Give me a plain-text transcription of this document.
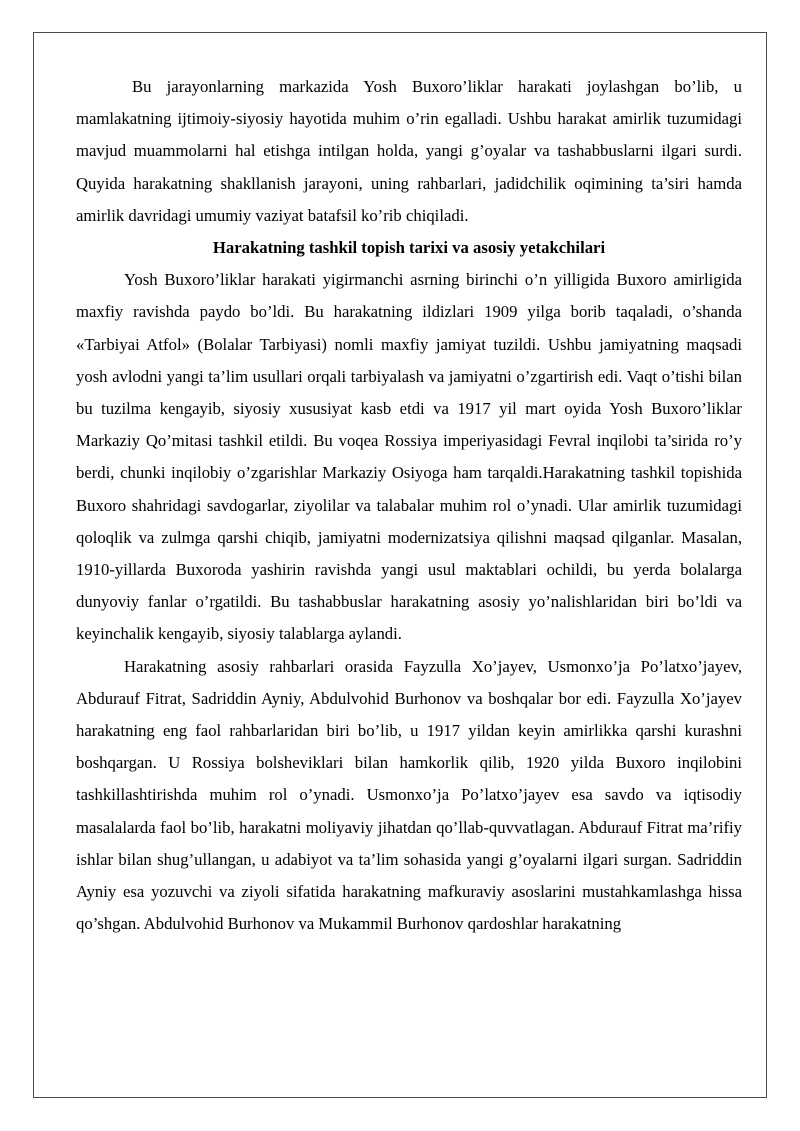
Bu jarayonlarning markazida Yosh Buxoro’liklar harakati joylashgan bo’lib, u mamlakatning ijtimoiy-siyosiy hayotida muhim o’rin egalladi. Ushbu harakat amirlik tuzumidagi mavjud muammolarni hal etishga intilgan holda, yangi g’oyalar va tashabbuslarni ilgari surdi. Quyida harakatning shakllanish jarayoni, uning rahbarlari, jadidchilik oqimining ta’siri hamda amirlik davridagi umumiy vaziyat batafsil ko’rib chiqiladi.

Harakatning tashkil topish tarixi va asosiy yetakchilari

Yosh Buxoro’liklar harakati yigirmanchi asrning birinchi o’n yilligida Buxoro amirligida maxfiy ravishda paydo bo’ldi. Bu harakatning ildizlari 1909 yilga borib taqaladi, o’shanda «Tarbiyai Atfol» (Bolalar Tarbiyasi) nomli maxfiy jamiyat tuzildi. Ushbu jamiyatning maqsadi yosh avlodni yangi ta’lim usullari orqali tarbiyalash va jamiyatni o’zgartirish edi. Vaqt o’tishi bilan bu tuzilma kengayib, siyosiy xususiyat kasb etdi va 1917 yil mart oyida Yosh Buxoro’liklar Markaziy Qo’mitasi tashkil etildi. Bu voqea Rossiya imperiyasidagi Fevral inqilobi ta’sirida ro’y berdi, chunki inqilobiy o’zgarishlar Markaziy Osiyoga ham tarqaldi.Harakatning tashkil topishida Buxoro shahridagi savdogarlar, ziyolilar va talabalar muhim rol o’ynadi. Ular amirlik tuzumidagi qoloqlik va zulmga qarshi chiqib, jamiyatni modernizatsiya qilishni maqsad qilganlar. Masalan, 1910-yillarda Buxoroda yashirin ravishda yangi usul maktablari ochildi, bu yerda bolalarga dunyoviy fanlar o’rgatildi. Bu tashabbuslar harakatning asosiy yo’nalishlaridan biri bo’ldi va keyinchalik kengayib, siyosiy talablarga aylandi.

Harakatning asosiy rahbarlari orasida Fayzulla Xo’jayev, Usmonxo’ja Po’latxo’jayev, Abdurauf Fitrat, Sadriddin Ayniy, Abdulvohid Burhonov va boshqalar bor edi. Fayzulla Xo’jayev harakatning eng faol rahbarlaridan biri bo’lib, u 1917 yildan keyin amirlikka qarshi kurashni boshqargan. U Rossiya bolsheviklari bilan hamkorlik qilib, 1920 yilda Buxoro inqilobini tashkillashtirishda muhim rol o’ynadi. Usmonxo’ja Po’latxo’jayev esa savdo va iqtisodiy masalalarda faol bo’lib, harakatni moliyaviy jihatdan qo’llab-quvvatlagan. Abdurauf Fitrat ma’rifiy ishlar bilan shug’ullangan, u adabiyot va ta’lim sohasida yangi g’oyalarni ilgari surgan. Sadriddin Ayniy esa yozuvchi va ziyoli sifatida harakatning mafkuraviy asoslarini mustahkamlashga hissa qo’shgan. Abdulvohid Burhonov va Mukammil Burhonov qardoshlar harakatning
